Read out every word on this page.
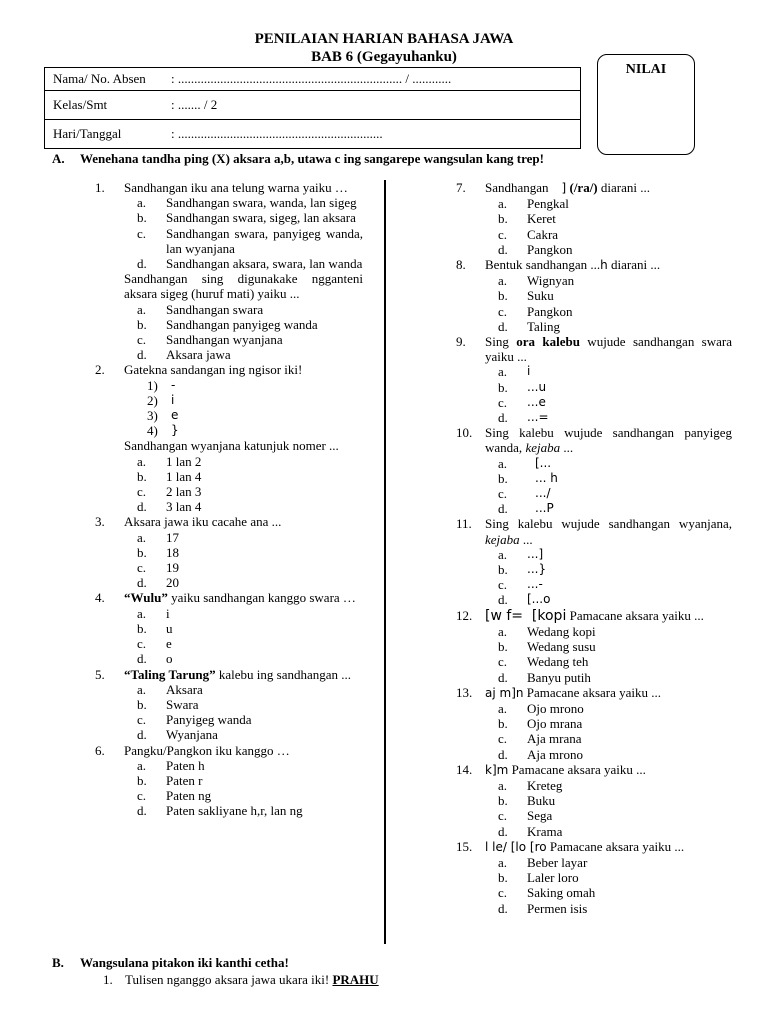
PENILAIAN HARIAN BAHASA JAWA
BAB 6 (Gegayuhanku)
Nama/ No. Absen : ..................................................................... / ............
Kelas/Smt	: ....... / 2
Hari/Tanggal	: ...............................................................
NILAI
A. Wenehana tandha ping (X) aksara a,b, utawa c ing sangarepe wangsulan kang trep!
1.	Sandhangan iku ana telung warna yaiku …
a.	Sandhangan swara, wanda, lan sigeg
b.	Sandhangan swara, sigeg, lan aksara
c.	Sandhangan swara, panyigeg wanda, lan wyanjana
d.	Sandhangan aksara, swara, lan wanda
Sandhangan sing digunakake ngganteni aksara sigeg (huruf mati) yaiku ...
a.	Sandhangan swara
b.	Sandhangan panyigeg wanda
c.	Sandhangan wyanjana
d.	Aksara jawa
2.	Gatekna sandangan ing ngisor iki!
1)	-
2)	i
3)	e
4)	}
Sandhangan wyanjana katunjuk nomer ...
a.	1 lan 2
b.	1 lan 4
c.	2 lan 3
d.	3 lan 4
3.	Aksara jawa iku cacahe ana ...
a.	17
b.	18
c.	19
d.	20
4.	“Wulu” yaiku sandhangan kanggo swara …
a.	i
b.	u
c.	e
d.	o
5.	“Taling Tarung” kalebu ing sandhangan ...
a.	Aksara
b.	Swara
c.	Panyigeg wanda
d.	Wyanjana
6.	Pangku/Pangkon iku kanggo …
a.	Paten h
b.	Paten r
c.	Paten ng
d.	Paten sakliyane h,r, lan ng
7.	Sandhangan    ] (/ra/) diarani ...
a.	Pengkal
b.	Keret
c.	Cakra
d.	Pangkon
8.	Bentuk sandhangan ...h diarani ...
a.	Wignyan
b.	Suku
c.	Pangkon
d.	Taling
9.	Sing ora kalebu wujude sandhangan swara yaiku ...
a.	i
b.	...u
c.	...e
d.	...=
10. Sing kalebu wujude sandhangan panyigeg wanda, kejaba ...
a.	[...
b.	... h
c.	.../
d.	...P
11.	Sing kalebu wujude sandhangan wyanjana, kejaba ...
a.	...]
b.	...}
c.	...-
d.	[...o
12. [w f=  [kopi Pamacane aksara yaiku ...
a.	Wedang kopi
b.	Wedang susu
c.	Wedang teh
d.	Banyu putih
13.	aj m]n Pamacane aksara yaiku ...
a.	Ojo mrono
b.	Ojo mrana
c.	Aja mrana
d.	Aja mrono
14.	k]m Pamacane aksara yaiku ...
a.	Kreteg
b.	Buku
c.	Sega
d.	Krama
15.	l le/ [lo [ro Pamacane aksara yaiku ...
a.	Beber layar
b.	Laler loro
c.	Saking omah
d.	Permen isis
B. Wangsulana pitakon iki kanthi cetha!
1. Tulisen nganggo aksara jawa ukara iki! PRAHU
